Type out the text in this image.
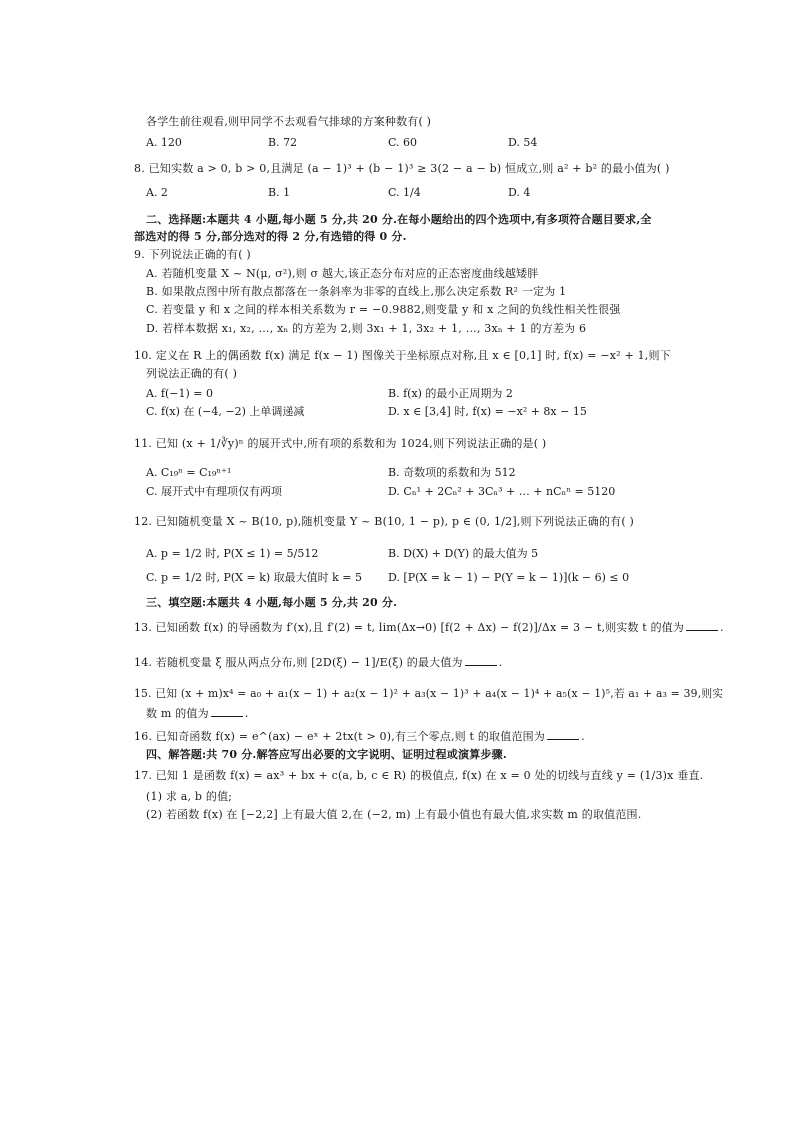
各学生前往观看,则甲同学不去观看气排球的方案种数有( )
A. 120	B. 72	C. 60	D. 54
8. 已知实数 a > 0, b > 0,且满足 (a − 1)³ + (b − 1)³ ≥ 3(2 − a − b) 恒成立,则 a² + b² 的最小值为( )
A. 2	B. 1	C. 1/4	D. 4
二、选择题:本题共 4 小题,每小题 5 分,共 20 分.在每小题给出的四个选项中,有多项符合题目要求,全
部选对的得 5 分,部分选对的得 2 分,有选错的得 0 分.
9. 下列说法正确的有( )
A. 若随机变量 X ~ N(μ, σ²),则 σ 越大,该正态分布对应的正态密度曲线越矮胖
B. 如果散点图中所有散点都落在一条斜率为非零的直线上,那么决定系数 R² 一定为 1
C. 若变量 y 和 x 之间的样本相关系数为 r = −0.9882,则变量 y 和 x 之间的负线性相关性很强
D. 若样本数据 x₁, x₂, …, xₙ 的方差为 2,则 3x₁ + 1, 3x₂ + 1, …, 3xₙ + 1 的方差为 6
10. 定义在 R 上的偶函数 f(x) 满足 f(x − 1) 图像关于坐标原点对称,且 x ∈ [0,1] 时, f(x) = −x² + 1,则下
列说法正确的有( )
A. f(−1) = 0	B. f(x) 的最小正周期为 2
C. f(x) 在 (−4, −2) 上单调递减	D. x ∈ [3,4] 时, f(x) = −x² + 8x − 15
11. 已知 (x + 1/∛y)ⁿ 的展开式中,所有项的系数和为 1024,则下列说法正确的是( )
A. C₁₉ⁿ = C₁₉ⁿ⁺¹	B. 奇数项的系数和为 512
C. 展开式中有理项仅有两项	D. Cₙ¹ + 2Cₙ² + 3Cₙ³ + … + nCₙⁿ = 5120
12. 已知随机变量 X ~ B(10, p),随机变量 Y ~ B(10, 1 − p), p ∈ (0, 1/2],则下列说法正确的有( )
A. p = 1/2 时, P(X ≤ 1) = 5/512	B. D(X) + D(Y) 的最大值为 5
C. p = 1/2 时, P(X = k) 取最大值时 k = 5 D. [P(X = k − 1) − P(Y = k − 1)](k − 6) ≤ 0
三、填空题:本题共 4 小题,每小题 5 分,共 20 分.
13. 已知函数 f(x) 的导函数为 f′(x),且 f′(2) = t, lim(Δx→0) [f(2 + Δx) − f(2)]/Δx = 3 − t,则实数 t 的值为	.
14. 若随机变量 ξ 服从两点分布,则 [2D(ξ) − 1]/E(ξ) 的最大值为	.
15. 已知 (x + m)x⁴ = a₀ + a₁(x − 1) + a₂(x − 1)² + a₃(x − 1)³ + a₄(x − 1)⁴ + a₅(x − 1)⁵,若 a₁ + a₃ = 39,则实
数 m 的值为	.
16. 已知奇函数 f(x) = e^(ax) − eˣ + 2tx(t > 0),有三个零点,则 t 的取值范围为	.
四、解答题:共 70 分.解答应写出必要的文字说明、证明过程或演算步骤.
17. 已知 1 是函数 f(x) = ax³ + bx + c(a, b, c ∈ R) 的极值点, f(x) 在 x = 0 处的切线与直线 y = (1/3)x 垂直.
(1) 求 a, b 的值;
(2) 若函数 f(x) 在 [−2,2] 上有最大值 2,在 (−2, m) 上有最小值也有最大值,求实数 m 的取值范围.
